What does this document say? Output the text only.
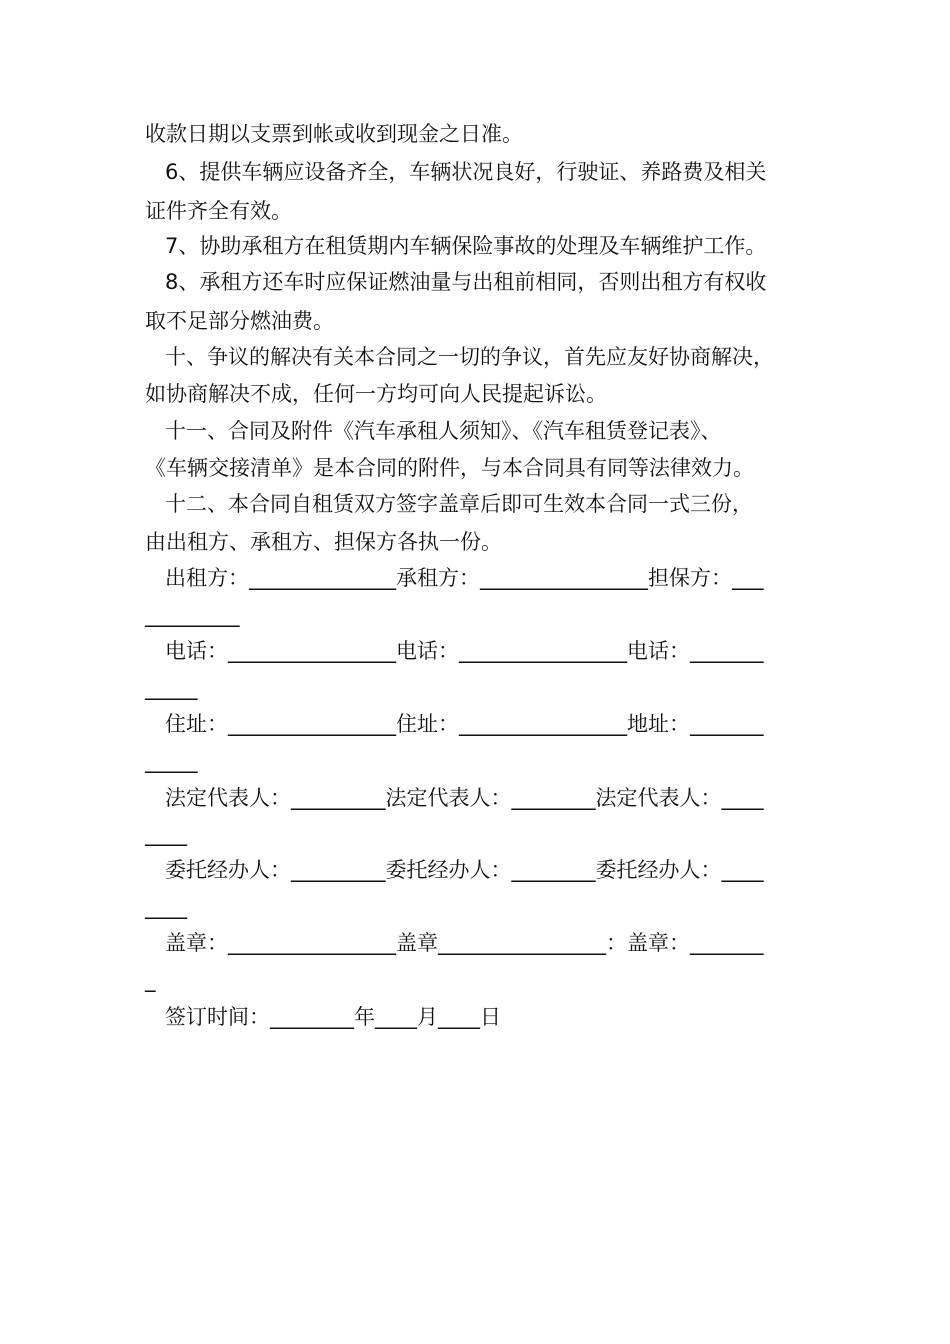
收款日期以支票到帐或收到现金之日准。

6、提供车辆应设备齐全，车辆状况良好，行驶证、养路费及相关

证件齐全有效。

7、协助承租方在租赁期内车辆保险事故的处理及车辆维护工作。

8、承租方还车时应保证燃油量与出租前相同，否则出租方有权收

取不足部分燃油费。

十、争议的解决有关本合同之一切的争议，首先应友好协商解决，

如协商解决不成，任何一方均可向人民提起诉讼。

十一、合同及附件《汽车承租人须知》、《汽车租赁登记表》、

《车辆交接清单》是本合同的附件，与本合同具有同等法律效力。

十二、本合同自租赁双方签字盖章后即可生效本合同一式三份，

由出租方、承租方、担保方各执一份。

出租方：______________承租方：________________担保方：___

_________

电话：________________电话：________________电话：_______

_____

住址：________________住址：________________地址：_______

_____

法定代表人：_________法定代表人：________法定代表人：____

____

委托经办人：_________委托经办人：________委托经办人：____

____

盖章：________________盖章________________：盖章：_______

_

签订时间：________年____月____日
